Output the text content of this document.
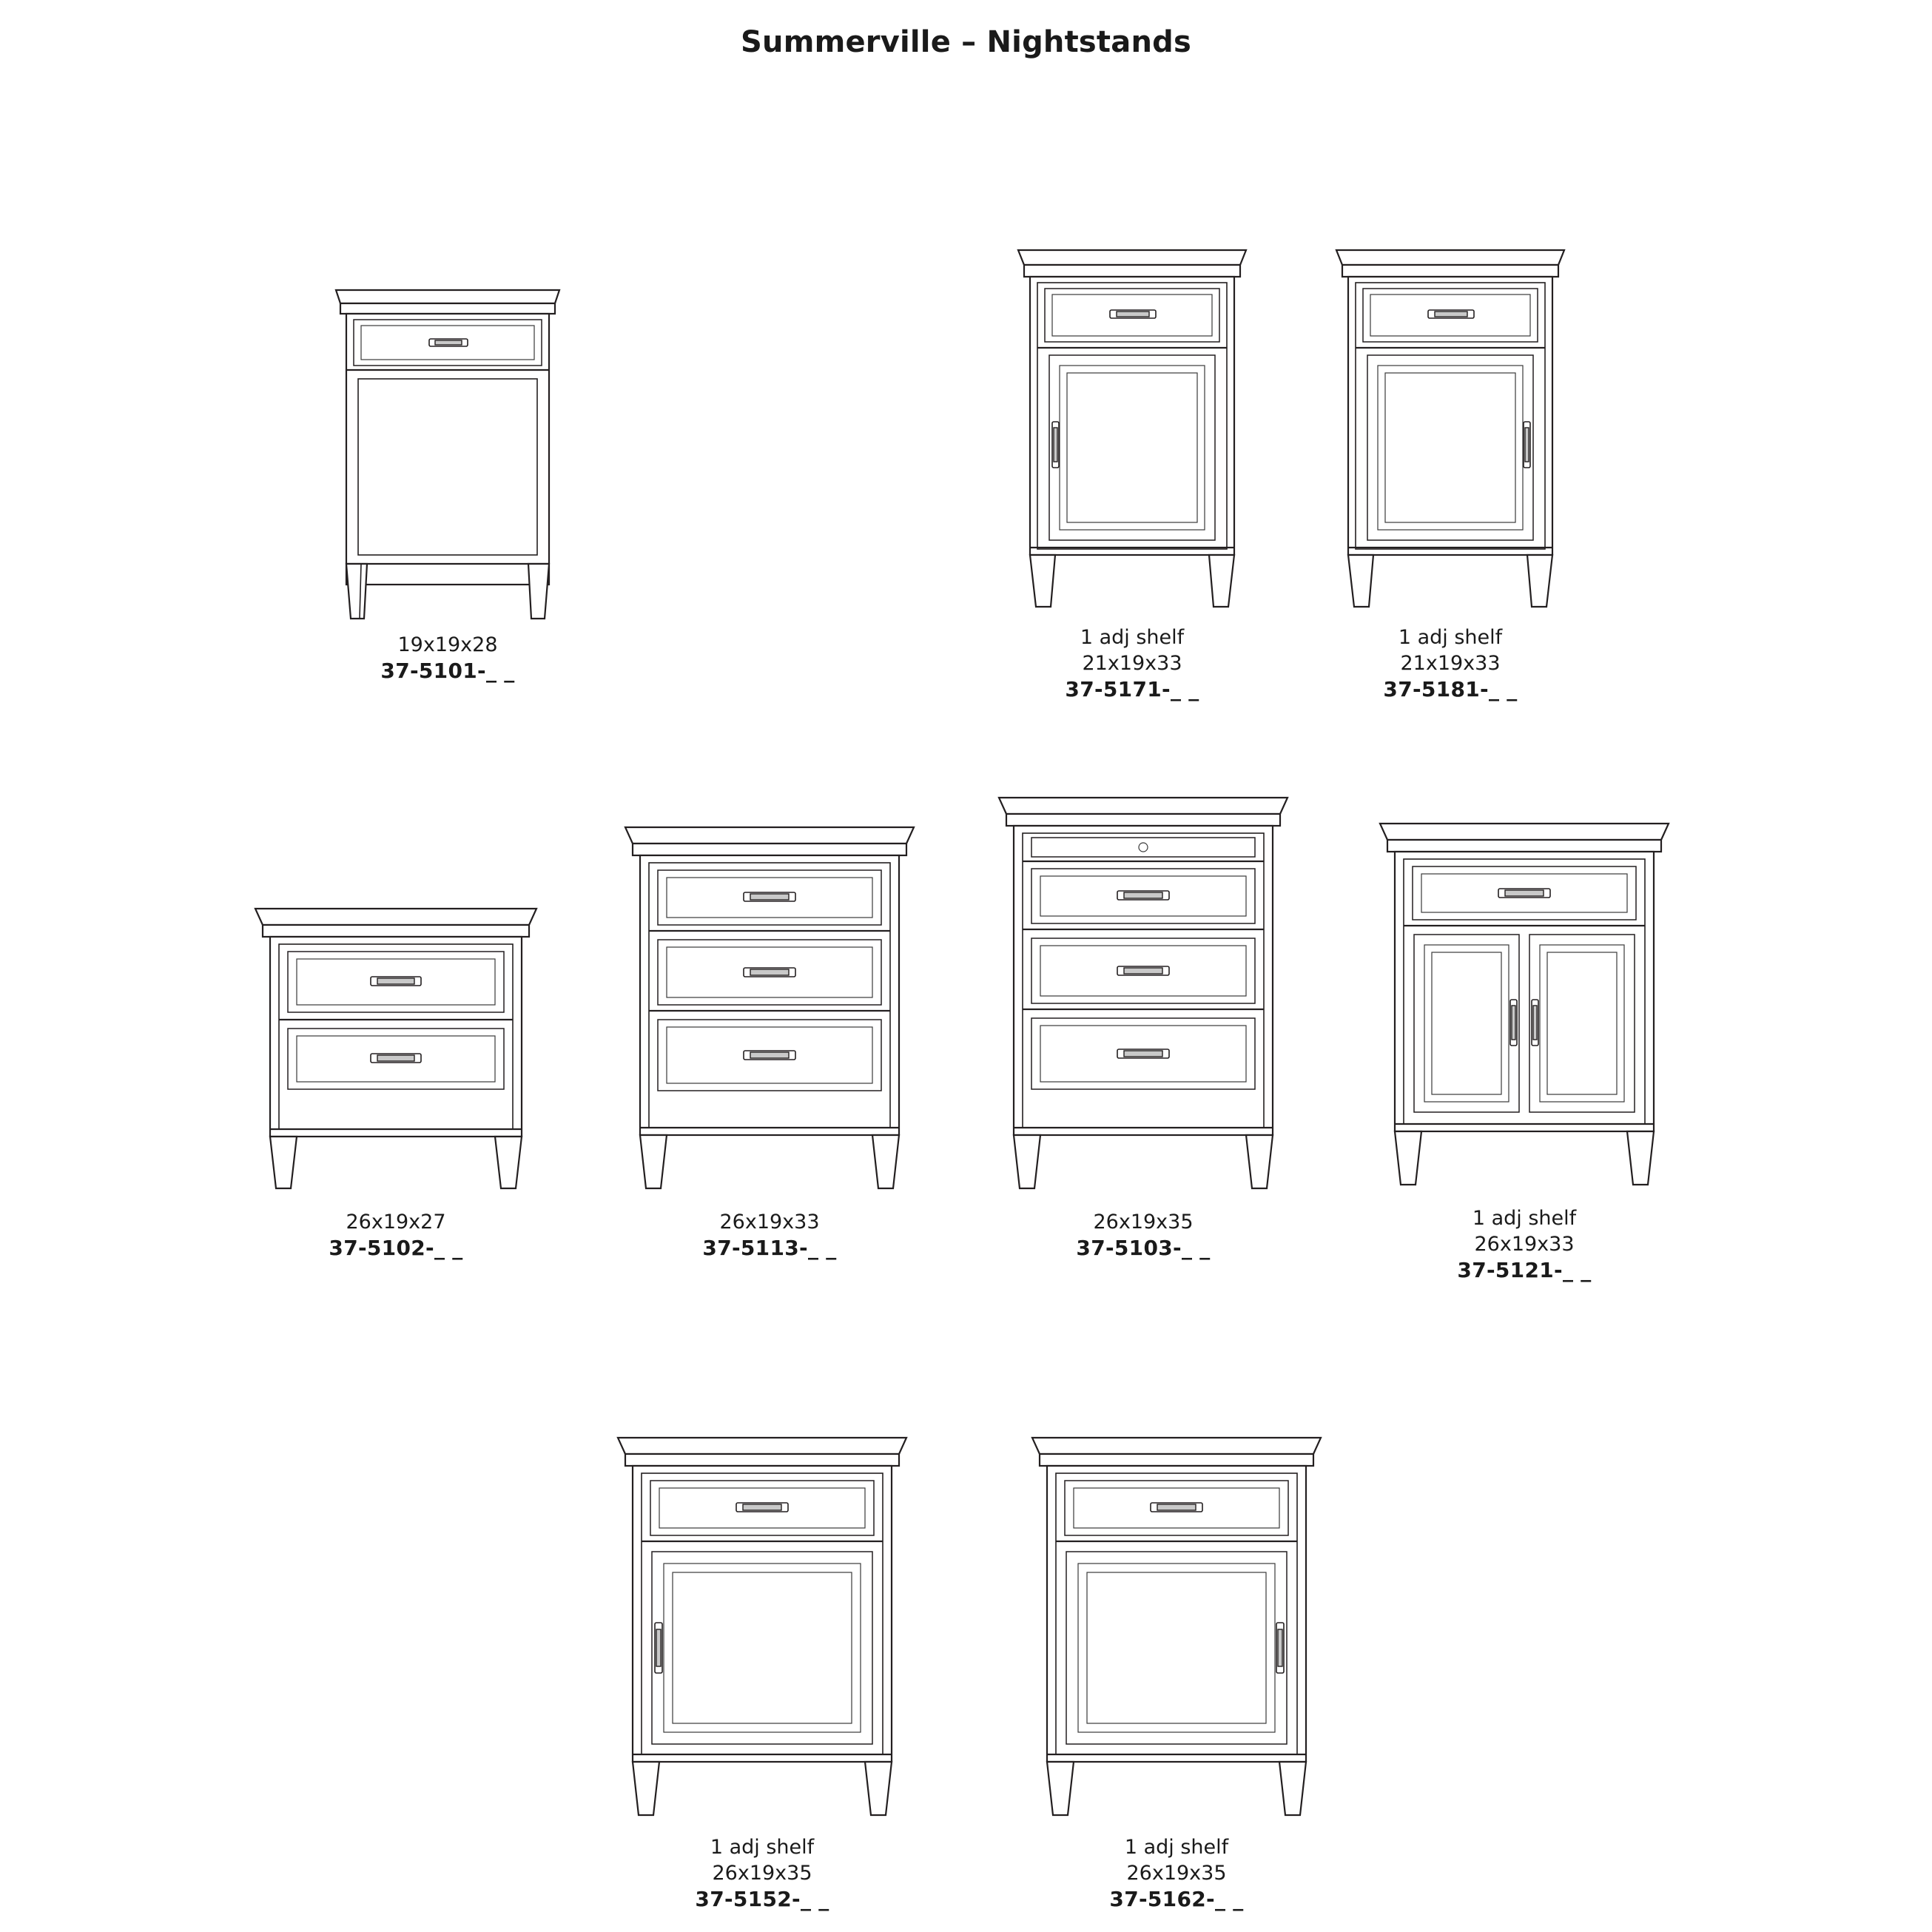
Summerville – Nightstands
19x19x28
37-5101-_ _
1 adj shelf
21x19x33
37-5171-_ _
1 adj shelf
21x19x33
37-5181-_ _
26x19x27
37-5102-_ _
26x19x33
37-5113-_ _
26x19x35
37-5103-_ _
1 adj shelf
26x19x33
37-5121-_ _
1 adj shelf
26x19x35
37-5152-_ _
1 adj shelf
26x19x35
37-5162-_ _
